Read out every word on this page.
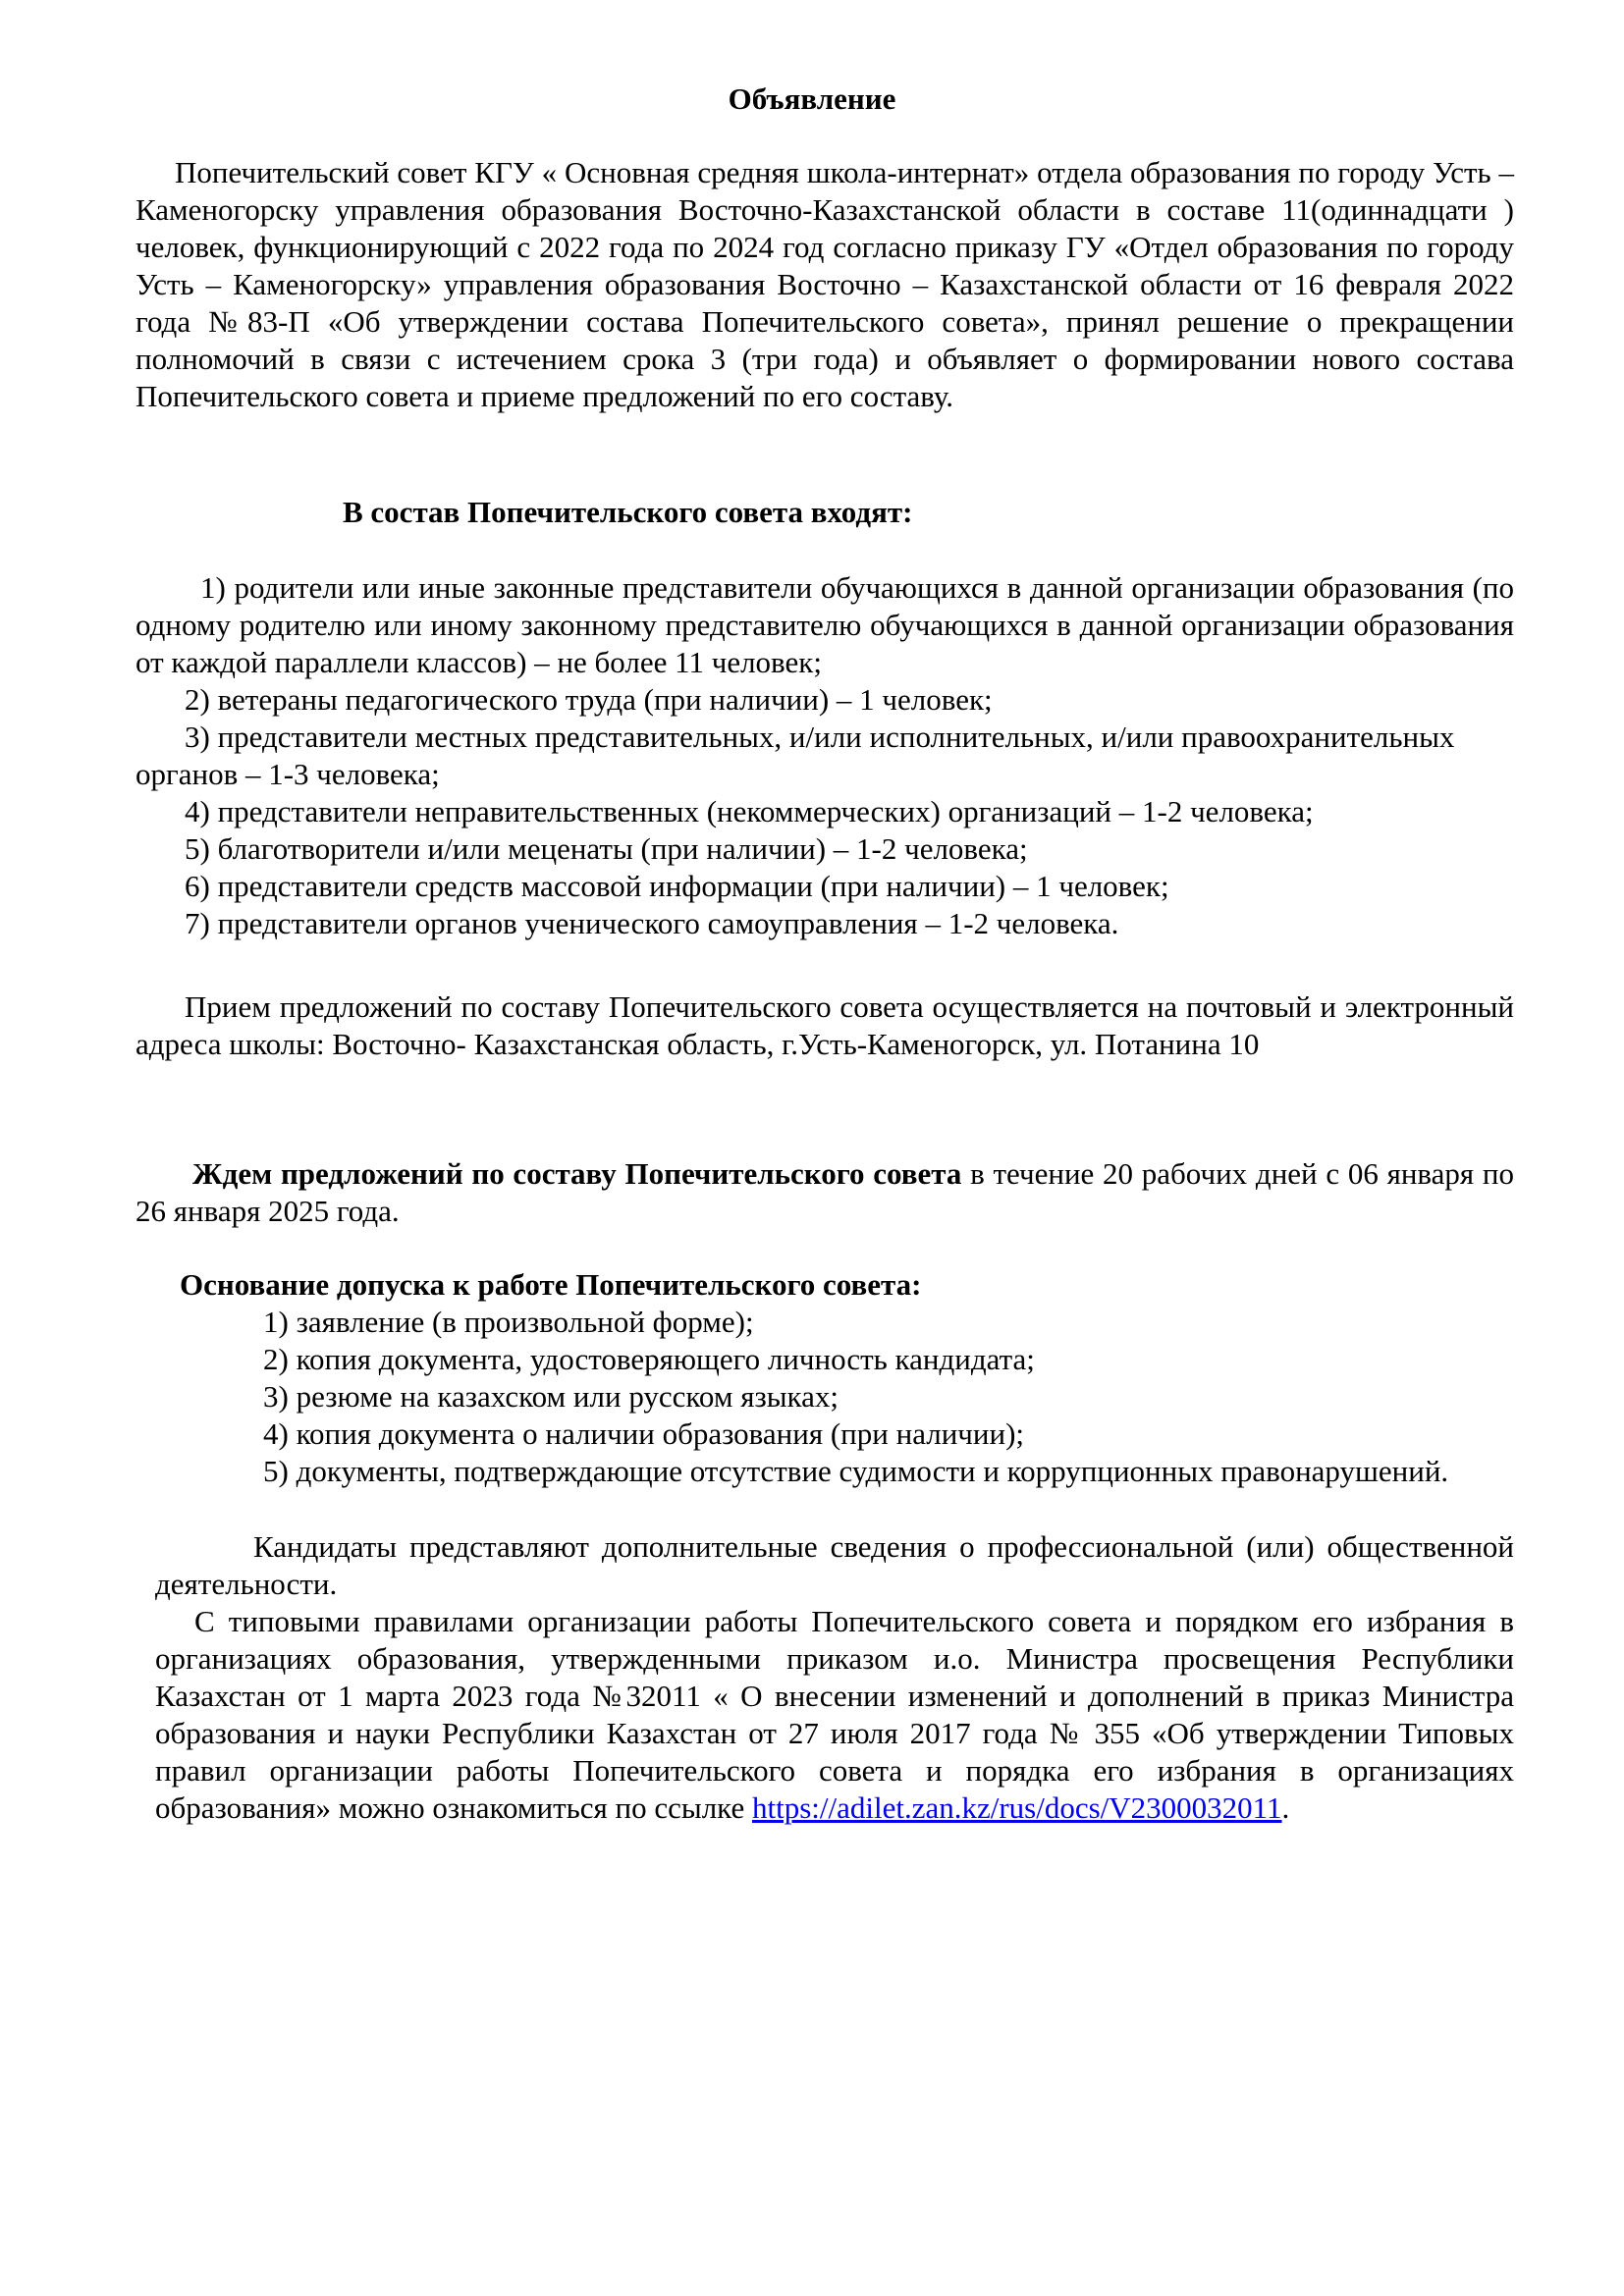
Объявление

Попечительский совет КГУ « Основная средняя школа-интернат» отдела образования по городу Усть – Каменогорску управления образования Восточно-Казахстанской области в составе 11(одиннадцати ) человек, функционирующий с 2022 года по 2024 год согласно приказу ГУ «Отдел образования по городу Усть – Каменогорску» управления образования Восточно – Казахстанской области от 16 февраля 2022 года №83-П «Об утверждении состава Попечительского совета», принял решение о прекращении полномочий в связи с истечением срока 3 (три года) и объявляет о формировании нового состава Попечительского совета и приеме предложений по его составу.

В состав Попечительского совета входят:

1) родители или иные законные представители обучающихся в данной организации образования (по одному родителю или иному законному представителю обучающихся в данной организации образования от каждой параллели классов) – не более 11 человек;

2) ветераны педагогического труда (при наличии) – 1 человек;

3) представители местных представительных, и/или исполнительных, и/или правоохранительных органов – 1-3 человека;

4) представители неправительственных (некоммерческих) организаций – 1-2 человека;

5) благотворители и/или меценаты (при наличии) – 1-2 человека;

6) представители средств массовой информации (при наличии) – 1 человек;

7) представители органов ученического самоуправления – 1-2 человека.

Прием предложений по составу Попечительского совета осуществляется на почтовый и электронный адреса школы: Восточно- Казахстанская область, г.Усть-Каменогорск, ул. Потанина 10

Ждем предложений по составу Попечительского совета в течение 20 рабочих дней с 06 января по 26 января 2025 года.

Основание допуска к работе Попечительского совета:

1) заявление (в произвольной форме);

2) копия документа, удостоверяющего личность кандидата;

3) резюме на казахском или русском языках;

4) копия документа о наличии образования (при наличии);

5) документы, подтверждающие отсутствие судимости и коррупционных правонарушений.

Кандидаты представляют дополнительные сведения о профессиональной (или) общественной деятельности.

С типовыми правилами организации работы Попечительского совета и порядком его избрания в организациях образования, утвержденными приказом и.о. Министра просвещения Республики Казахстан от 1 марта 2023 года №32011 « О внесении изменений и дополнений в приказ Министра образования и науки Республики Казахстан от 27 июля 2017 года № 355 «Об утверждении Типовых правил организации работы Попечительского совета и порядка его избрания в организациях образования» можно ознакомиться по ссылке https://adilet.zan.kz/rus/docs/V2300032011.
